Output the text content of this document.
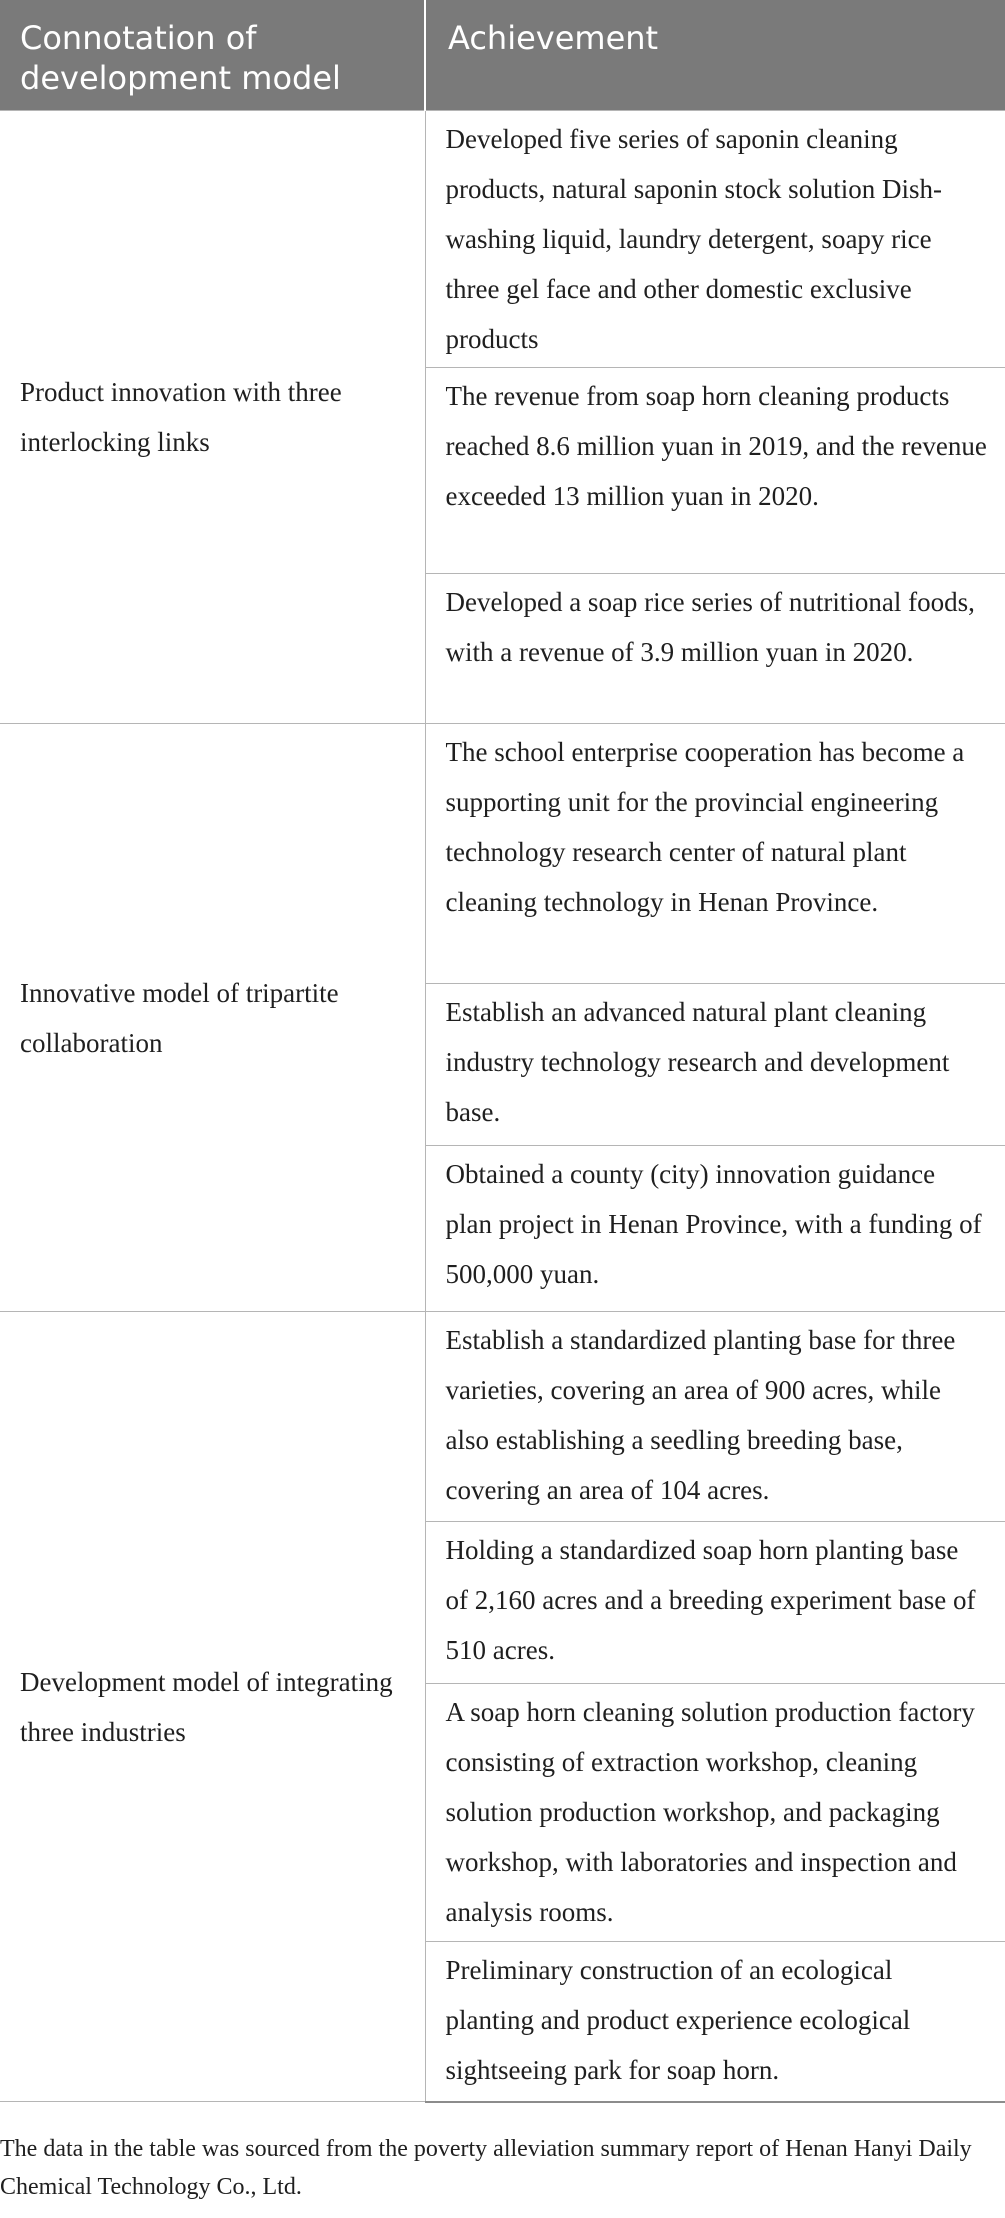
Connotation of
development model	Achievement
Product innovation with three interlocking links	Developed five series of saponin cleaning products, natural saponin stock solution Dish-washing liquid, laundry detergent, soapy rice three gel face and other domestic exclusive products
	The revenue from soap horn cleaning products reached 8.6 million yuan in 2019, and the revenue exceeded 13 million yuan in 2020.
	Developed a soap rice series of nutritional foods, with a revenue of 3.9 million yuan in 2020.
Innovative model of tripartite collaboration	The school enterprise cooperation has become a supporting unit for the provincial engineering technology research center of natural plant cleaning technology in Henan Province.
	Establish an advanced natural plant cleaning industry technology research and development base.
	Obtained a county (city) innovation guidance plan project in Henan Province, with a funding of 500,000 yuan.
Development model of integrating three industries	Establish a standardized planting base for three varieties, covering an area of 900 acres, while also establishing a seedling breeding base, covering an area of 104 acres.
	Holding a standardized soap horn planting base of 2,160 acres and a breeding experiment base of 510 acres.
	A soap horn cleaning solution production factory consisting of extraction workshop, cleaning solution production workshop, and packaging workshop, with laboratories and inspection and analysis rooms.
	Preliminary construction of an ecological planting and product experience ecological sightseeing park for soap horn.
The data in the table was sourced from the poverty alleviation summary report of Henan Hanyi Daily Chemical Technology Co., Ltd.
